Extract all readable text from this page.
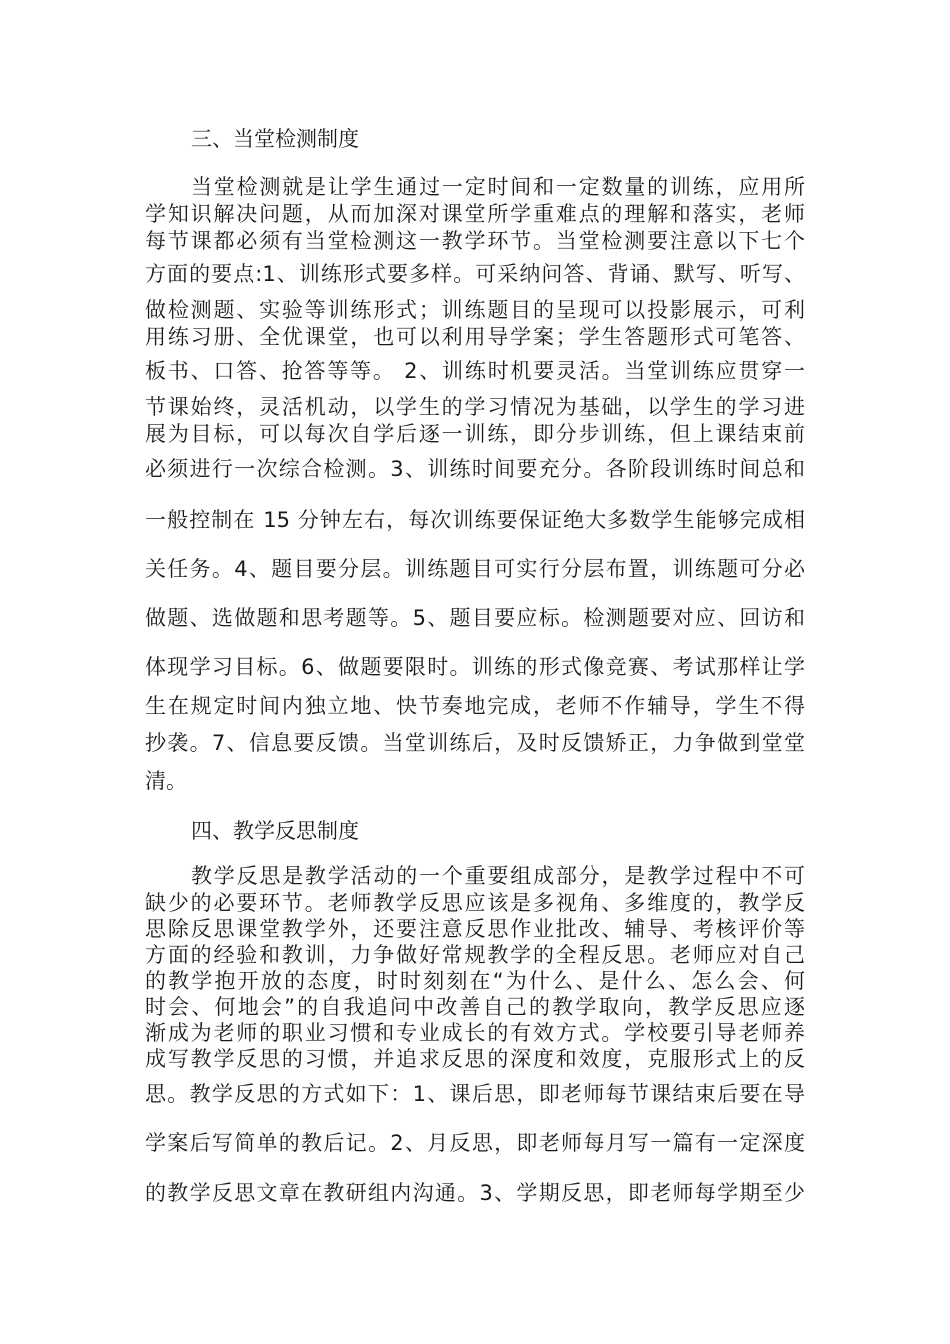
三、当堂检测制度
当堂检测就是让学生通过一定时间和一定数量的训练，应用所
学知识解决问题，从而加深对课堂所学重难点的理解和落实，老师
每节课都必须有当堂检测这一教学环节。当堂检测要注意以下七个
方面的要点:1、训练形式要多样。可采纳问答、背诵、默写、听写、
做检测题、实验等训练形式；训练题目的呈现可以投影展示，可利
用练习册、全优课堂，也可以利用导学案；学生答题形式可笔答、
板书、口答、抢答等等。 2、训练时机要灵活。当堂训练应贯穿一
节课始终，灵活机动，以学生的学习情况为基础，以学生的学习进
展为目标，可以每次自学后逐一训练，即分步训练，但上课结束前
必须进行一次综合检测。3、训练时间要充分。各阶段训练时间总和
一般控制在 15 分钟左右，每次训练要保证绝大多数学生能够完成相
关任务。4、题目要分层。训练题目可实行分层布置，训练题可分必
做题、选做题和思考题等。5、题目要应标。检测题要对应、回访和
体现学习目标。6、做题要限时。训练的形式像竞赛、考试那样让学
生在规定时间内独立地、快节奏地完成，老师不作辅导，学生不得
抄袭。7、信息要反馈。当堂训练后，及时反馈矫正，力争做到堂堂
清。
四、教学反思制度
教学反思是教学活动的一个重要组成部分，是教学过程中不可
缺少的必要环节。老师教学反思应该是多视角、多维度的，教学反
思除反思课堂教学外，还要注意反思作业批改、辅导、考核评价等
方面的经验和教训，力争做好常规教学的全程反思。老师应对自己
的教学抱开放的态度，时时刻刻在“为什么、是什么、怎么会、何
时会、何地会”的自我追问中改善自己的教学取向，教学反思应逐
渐成为老师的职业习惯和专业成长的有效方式。学校要引导老师养
成写教学反思的习惯，并追求反思的深度和效度，克服形式上的反
思。教学反思的方式如下：1、课后思，即老师每节课结束后要在导
学案后写简单的教后记。2、月反思，即老师每月写一篇有一定深度
的教学反思文章在教研组内沟通。3、学期反思，即老师每学期至少
